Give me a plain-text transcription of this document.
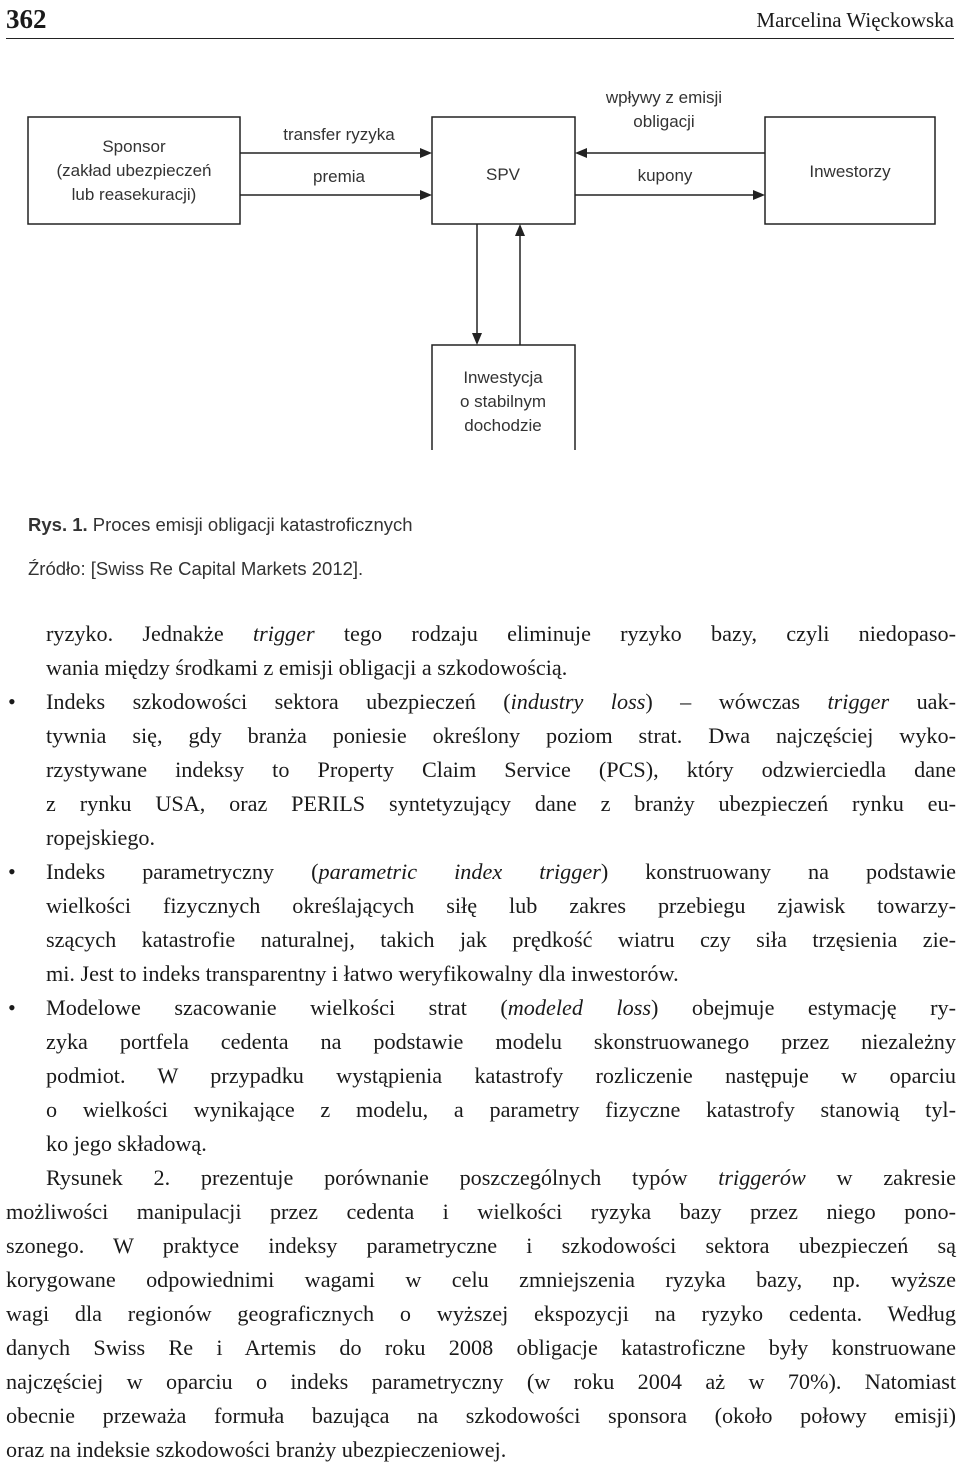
362	Marcelina Więckowska
Sponsor
(zakład ubezpieczeń
lub reasekuracji)
transfer ryzyka
premia	SPV
wpływy z emisji
obligacji
kupony	Inwestorzy
Inwestycja
o stabilnym
dochodzie
Rys. 1. Proces emisji obligacji katastroficznych
Źródło: [Swiss Re Capital Markets 2012].

ryzyko. Jednakże trigger tego rodzaju eliminuje ryzyko bazy, czyli niedopaso-

wania między środkami z emisji obligacji a szkodowością.

• Indeks szkodowości sektora ubezpieczeń (industry loss) – wówczas trigger uak-

tywnia się, gdy branża poniesie określony poziom strat. Dwa najczęściej wyko-

rzystywane indeksy to Property Claim Service (PCS), który odzwierciedla dane

z rynku USA, oraz PERILS syntetyzujący dane z branży ubezpieczeń rynku eu-

ropejskiego.

• Indeks parametryczny (parametric index trigger) konstruowany na podstawie

wielkości fizycznych określających siłę lub zakres przebiegu zjawisk towarzy-

szących katastrofie naturalnej, takich jak prędkość wiatru czy siła trzęsienia zie-

mi. Jest to indeks transparentny i łatwo weryfikowalny dla inwestorów.

• Modelowe szacowanie wielkości strat (modeled loss) obejmuje estymację ry-

zyka portfela cedenta na podstawie modelu skonstruowanego przez niezależny

podmiot. W przypadku wystąpienia katastrofy rozliczenie następuje w oparciu

o wielkości wynikające z modelu, a parametry fizyczne katastrofy stanowią tyl-

ko jego składową.

Rysunek 2. prezentuje porównanie poszczególnych typów triggerów w zakresie

możliwości manipulacji przez cedenta i wielkości ryzyka bazy przez niego pono-

szonego. W praktyce indeksy parametryczne i szkodowości sektora ubezpieczeń są

korygowane odpowiednimi wagami w celu zmniejszenia ryzyka bazy, np. wyższe

wagi dla regionów geograficznych o wyższej ekspozycji na ryzyko cedenta. Według

danych Swiss Re i Artemis do roku 2008 obligacje katastroficzne były konstruowane

najczęściej w oparciu o indeks parametryczny (w roku 2004 aż w 70%). Natomiast

obecnie przeważa formuła bazująca na szkodowości sponsora (około połowy emisji)

oraz na indeksie szkodowości branży ubezpieczeniowej.
